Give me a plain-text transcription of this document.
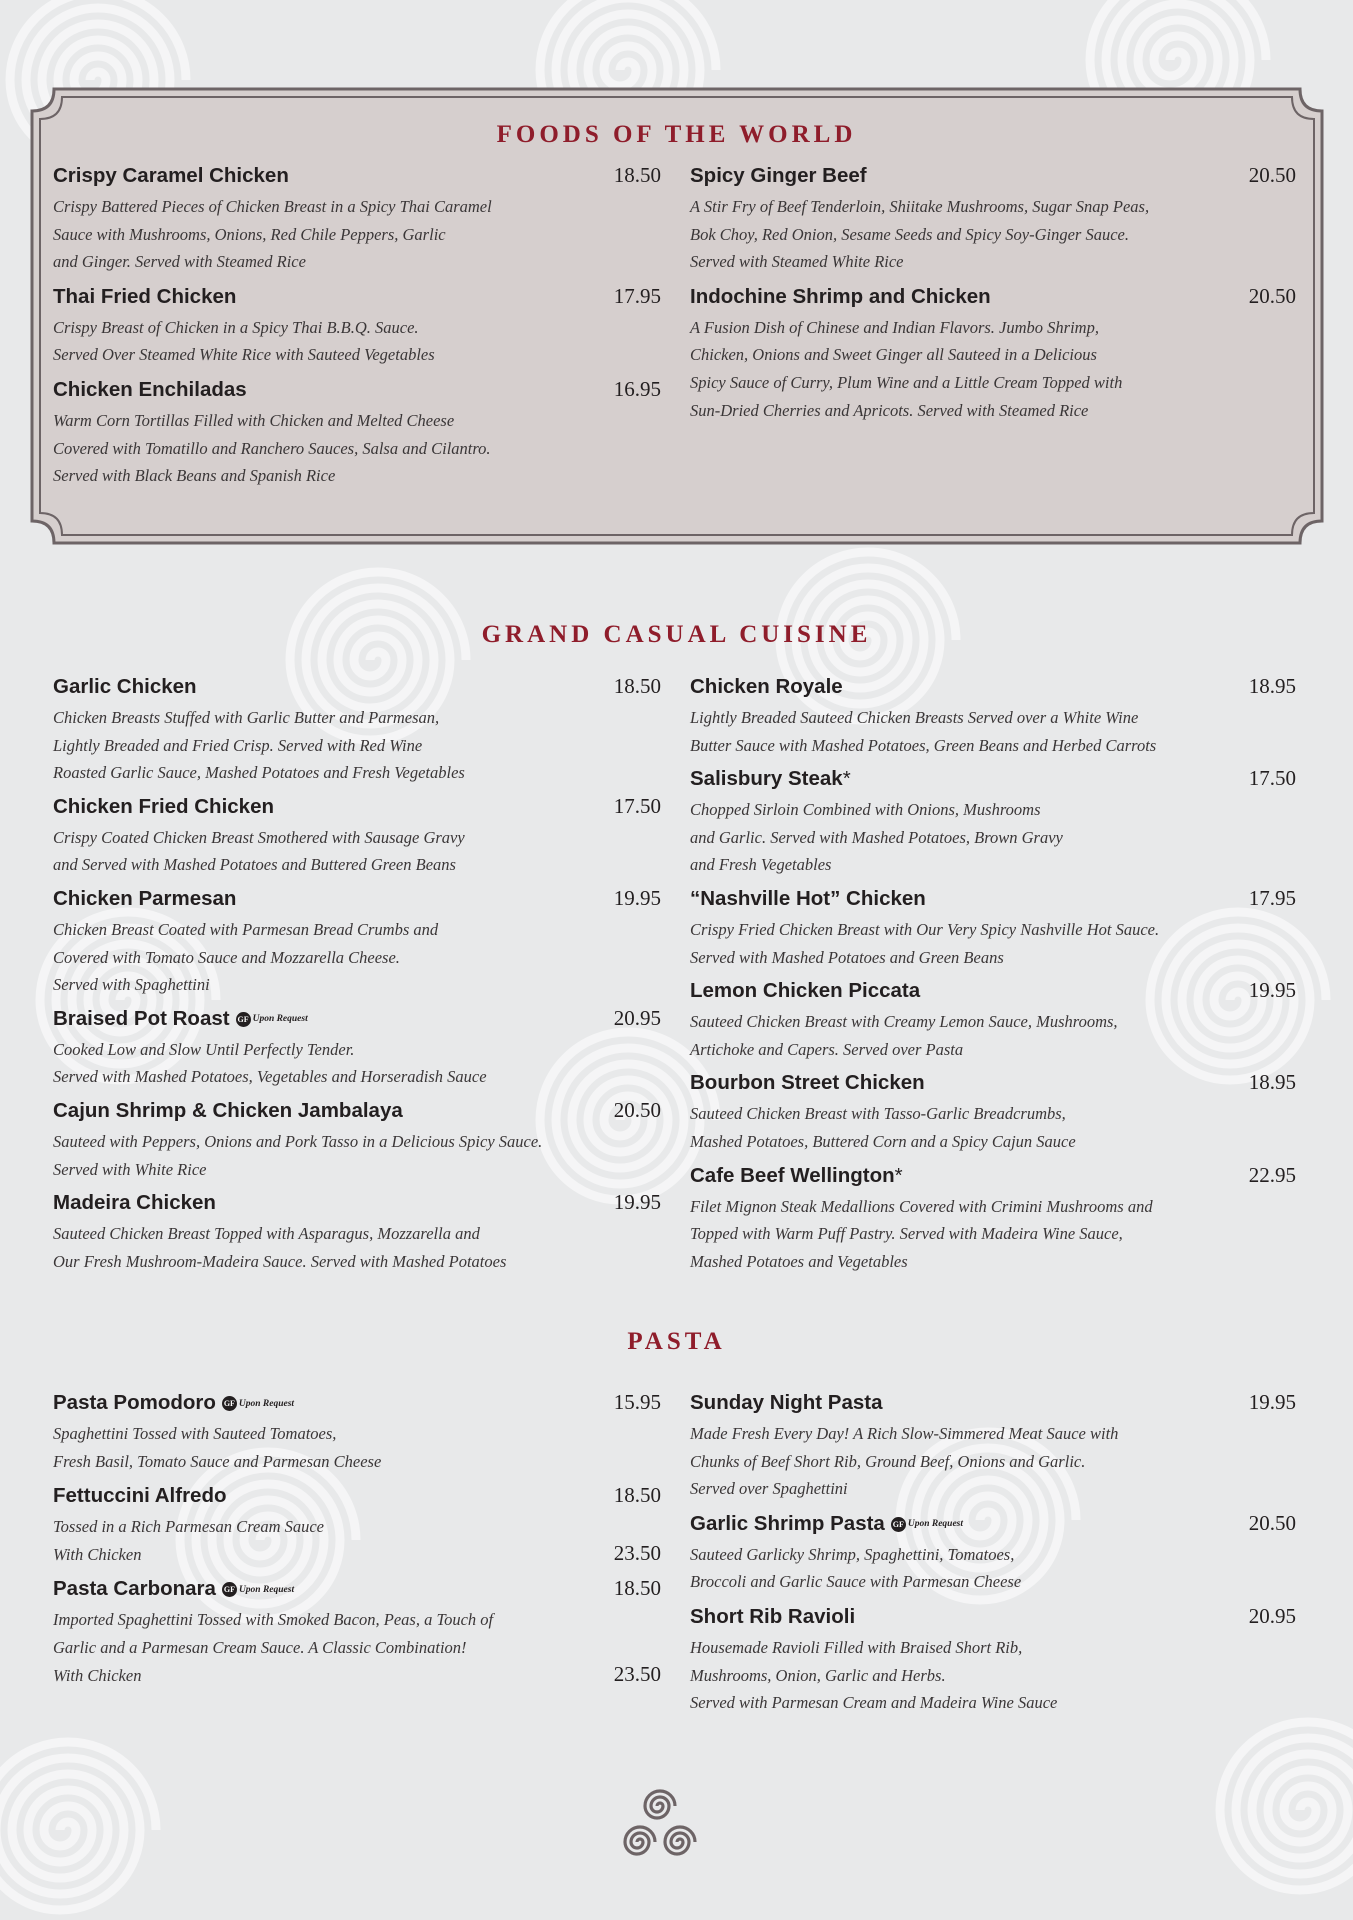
FOODS OF THE WORLD
GRAND CASUAL CUISINE
PASTA
Crispy Caramel Chicken	18.50
Crispy Battered Pieces of Chicken Breast in a Spicy Thai Caramel
Sauce with Mushrooms, Onions, Red Chile Peppers, Garlic
and Ginger. Served with Steamed Rice
Thai Fried Chicken	17.95
Crispy Breast of Chicken in a Spicy Thai B.B.Q. Sauce.
Served Over Steamed White Rice with Sauteed Vegetables
Chicken Enchiladas	16.95
Warm Corn Tortillas Filled with Chicken and Melted Cheese
Covered with Tomatillo and Ranchero Sauces, Salsa and Cilantro.
Served with Black Beans and Spanish Rice
Spicy Ginger Beef	20.50
A Stir Fry of Beef Tenderloin, Shiitake Mushrooms, Sugar Snap Peas,
Bok Choy, Red Onion, Sesame Seeds and Spicy Soy-Ginger Sauce.
Served with Steamed White Rice
Indochine Shrimp and Chicken	20.50
A Fusion Dish of Chinese and Indian Flavors. Jumbo Shrimp,
Chicken, Onions and Sweet Ginger all Sauteed in a Delicious
Spicy Sauce of Curry, Plum Wine and a Little Cream Topped with
Sun-Dried Cherries and Apricots. Served with Steamed Rice
Garlic Chicken	18.50
Chicken Breasts Stuffed with Garlic Butter and Parmesan,
Lightly Breaded and Fried Crisp. Served with Red Wine
Roasted Garlic Sauce, Mashed Potatoes and Fresh Vegetables
Chicken Fried Chicken	17.50
Crispy Coated Chicken Breast Smothered with Sausage Gravy
and Served with Mashed Potatoes and Buttered Green Beans
Chicken Parmesan	19.95
Chicken Breast Coated with Parmesan Bread Crumbs and
Covered with Tomato Sauce and Mozzarella Cheese.
Served with Spaghettini
Braised Pot Roast GF Upon Request	20.95
Cooked Low and Slow Until Perfectly Tender.
Served with Mashed Potatoes, Vegetables and Horseradish Sauce
Cajun Shrimp & Chicken Jambalaya	20.50
Sauteed with Peppers, Onions and Pork Tasso in a Delicious Spicy Sauce.
Served with White Rice
Madeira Chicken	19.95
Sauteed Chicken Breast Topped with Asparagus, Mozzarella and
Our Fresh Mushroom-Madeira Sauce. Served with Mashed Potatoes
Chicken Royale	18.95
Lightly Breaded Sauteed Chicken Breasts Served over a White Wine
Butter Sauce with Mashed Potatoes, Green Beans and Herbed Carrots
Salisbury Steak*	17.50
Chopped Sirloin Combined with Onions, Mushrooms
and Garlic. Served with Mashed Potatoes, Brown Gravy
and Fresh Vegetables
“Nashville Hot” Chicken	17.95
Crispy Fried Chicken Breast with Our Very Spicy Nashville Hot Sauce.
Served with Mashed Potatoes and Green Beans
Lemon Chicken Piccata	19.95
Sauteed Chicken Breast with Creamy Lemon Sauce, Mushrooms,
Artichoke and Capers. Served over Pasta
Bourbon Street Chicken	18.95
Sauteed Chicken Breast with Tasso-Garlic Breadcrumbs,
Mashed Potatoes, Buttered Corn and a Spicy Cajun Sauce
Cafe Beef Wellington*	22.95
Filet Mignon Steak Medallions Covered with Crimini Mushrooms and
Topped with Warm Puff Pastry. Served with Madeira Wine Sauce,
Mashed Potatoes and Vegetables
Pasta Pomodoro GF Upon Request	15.95
Spaghettini Tossed with Sauteed Tomatoes,
Fresh Basil, Tomato Sauce and Parmesan Cheese
Fettuccini Alfredo	18.50
Tossed in a Rich Parmesan Cream Sauce
With Chicken	23.50
Pasta Carbonara GF Upon Request	18.50
Imported Spaghettini Tossed with Smoked Bacon, Peas, a Touch of
Garlic and a Parmesan Cream Sauce. A Classic Combination!
With Chicken	23.50
Sunday Night Pasta	19.95
Made Fresh Every Day! A Rich Slow-Simmered Meat Sauce with
Chunks of Beef Short Rib, Ground Beef, Onions and Garlic.
Served over Spaghettini
Garlic Shrimp Pasta GF Upon Request	20.50
Sauteed Garlicky Shrimp, Spaghettini, Tomatoes,
Broccoli and Garlic Sauce with Parmesan Cheese
Short Rib Ravioli	20.95
Housemade Ravioli Filled with Braised Short Rib,
Mushrooms, Onion, Garlic and Herbs.
Served with Parmesan Cream and Madeira Wine Sauce
